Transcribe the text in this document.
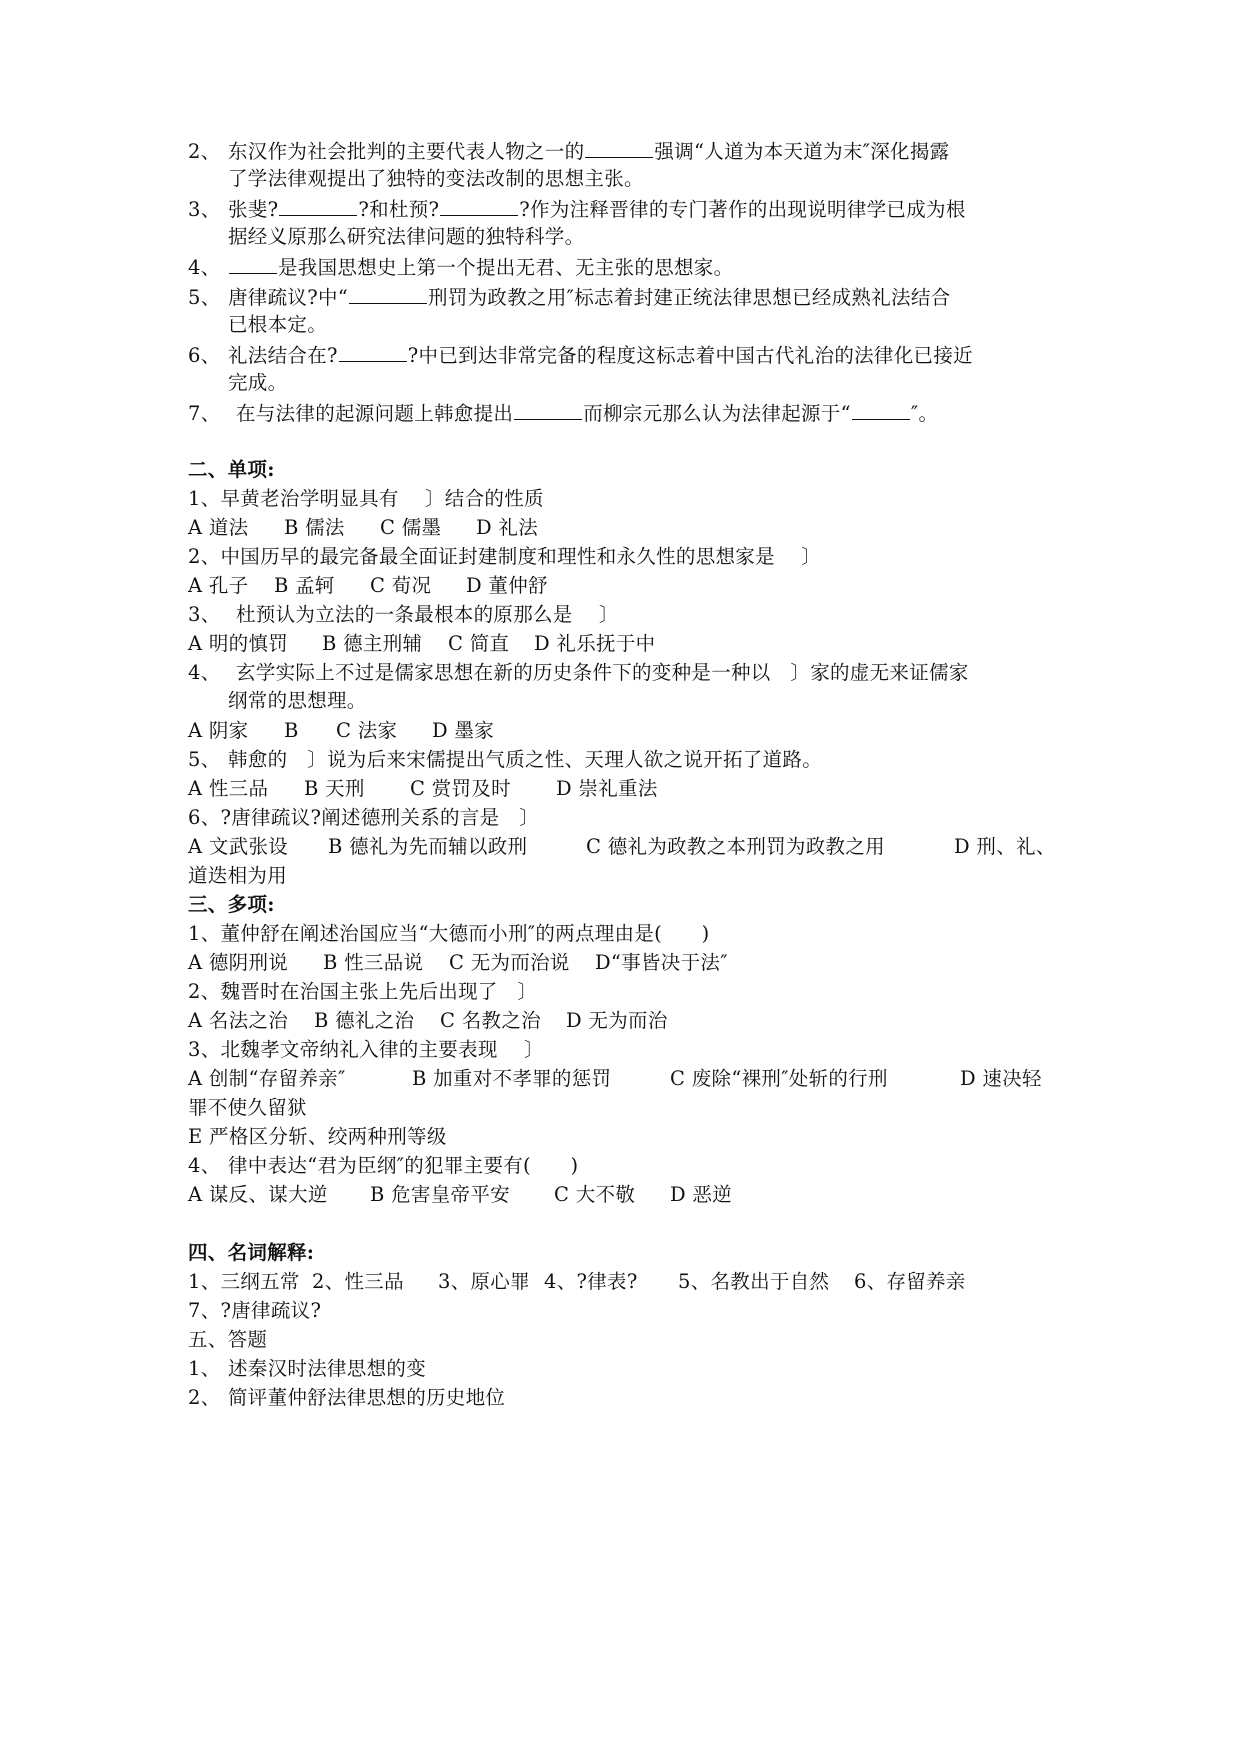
2、 东汉作为社会批判的主要代表人物之一的	强调“人道为本天道为末″深化揭露
了学法律观提出了独特的变法改制的思想主张。
3、 张斐?	?和杜预?	?作为注释晋律的专门著作的出现说明律学已成为根
据经义原那么研究法律问题的独特科学。
4、	是我国思想史上第一个提出无君、无主张的思想家。
5、 唐律疏议?中“	刑罚为政教之用″标志着封建正统法律思想已经成熟礼法结合
已根本定。
6、 礼法结合在?	?中已到达非常完备的程度这标志着中国古代礼治的法律化已接近
完成。
7、 在与法律的起源问题上韩愈提出	而柳宗元那么认为法律起源于“	″。
二、单项:
1、早黄老治学明显具有　 〕结合的性质
A 道法 B 儒法 C 儒墨 D 礼法
2、中国历早的最完备最全面证封建制度和理性和永久性的思想家是　 〕
A 孔子 B 孟轲 C 荀况 D 董仲舒
3、 杜预认为立法的一条最根本的原那么是　 〕
A 明的慎罚 B 德主刑辅 C 简直 D 礼乐抚于中
4、 玄学实际上不过是儒家思想在新的历史条件下的变种是一种以　〕家的虚无来证儒家
纲常的思想理。
A 阴家 B C 法家 D 墨家
5、 韩愈的　〕说为后来宋儒提出气质之性、天理人欲之说开拓了道路。
A 性三品 B 天刑 C 赏罚及时 D 崇礼重法
6、?唐律疏议?阐述德刑关系的言是　〕
A 文武张设 B 德礼为先而辅以政刑	C 德礼为政教之本刑罚为政教之用	D 刑、礼、
道迭相为用
三、多项:
1、董仲舒在阐述治国应当“大德而小刑″的两点理由是(　　)
A 德阴刑说 B 性三品说 C 无为而治说 D“事皆决于法″
2、魏晋时在治国主张上先后出现了　〕
A 名法之治 B 德礼之治 C 名教之治 D 无为而治
3、北魏孝文帝纳礼入律的主要表现　 〕
A 创制“存留养亲″	B 加重对不孝罪的惩罚	C 废除“裸刑″处斩的行刑	D 速决轻
罪不使久留狱
E 严格区分斩、绞两种刑等级
4、 律中表达“君为臣纲″的犯罪主要有(　　)
A 谋反、谋大逆 B 危害皇帝平安 C 大不敬 D 恶逆
四、名词解释:
1、三纲五常 2、性三品 3、原心罪 4、?律表? 5、名教出于自然 6、存留养亲
7、?唐律疏议?
五、答题
1、 述秦汉时法律思想的变
2、 简评董仲舒法律思想的历史地位
